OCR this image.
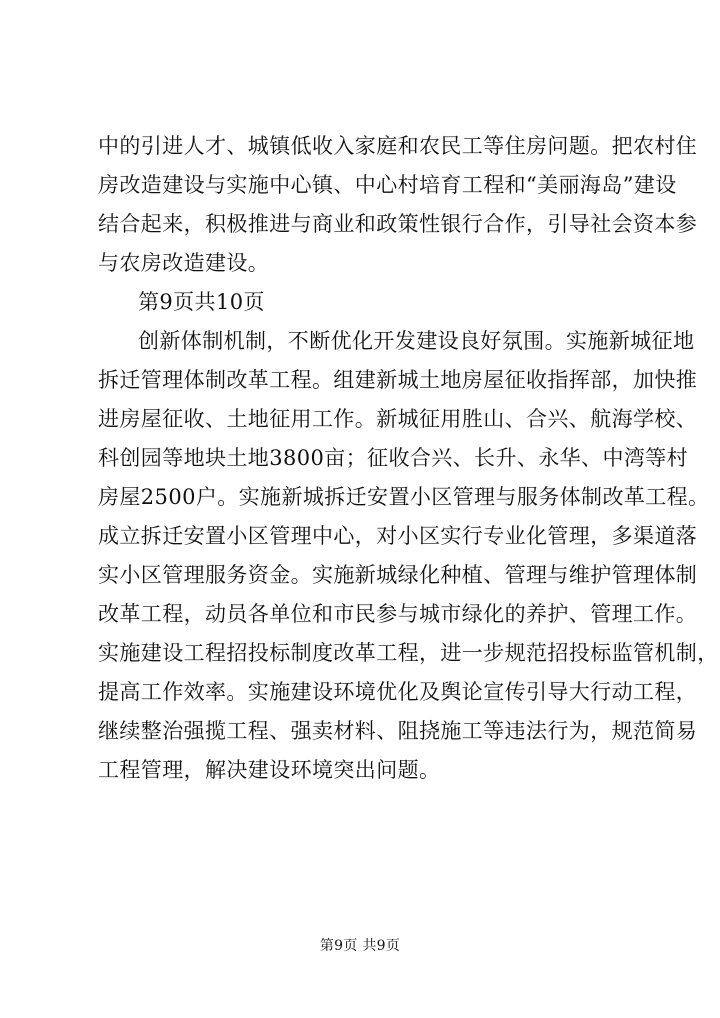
中的引进人才、城镇低收入家庭和农民工等住房问题。把农村住
房改造建设与实施中心镇、中心村培育工程和“美丽海岛”建设
结合起来，积极推进与商业和政策性银行合作，引导社会资本参
与农房改造建设。
第9页共10页
创新体制机制，不断优化开发建设良好氛围。实施新城征地
拆迁管理体制改革工程。组建新城土地房屋征收指挥部，加快推
进房屋征收、土地征用工作。新城征用胜山、合兴、航海学校、
科创园等地块土地3800亩；征收合兴、长升、永华、中湾等村
房屋2500户。实施新城拆迁安置小区管理与服务体制改革工程。
成立拆迁安置小区管理中心，对小区实行专业化管理，多渠道落
实小区管理服务资金。实施新城绿化种植、管理与维护管理体制
改革工程，动员各单位和市民参与城市绿化的养护、管理工作。
实施建设工程招投标制度改革工程，进一步规范招投标监管机制，
提高工作效率。实施建设环境优化及舆论宣传引导大行动工程，
继续整治强揽工程、强卖材料、阻挠施工等违法行为，规范简易
工程管理，解决建设环境突出问题。
第9页 共9页
